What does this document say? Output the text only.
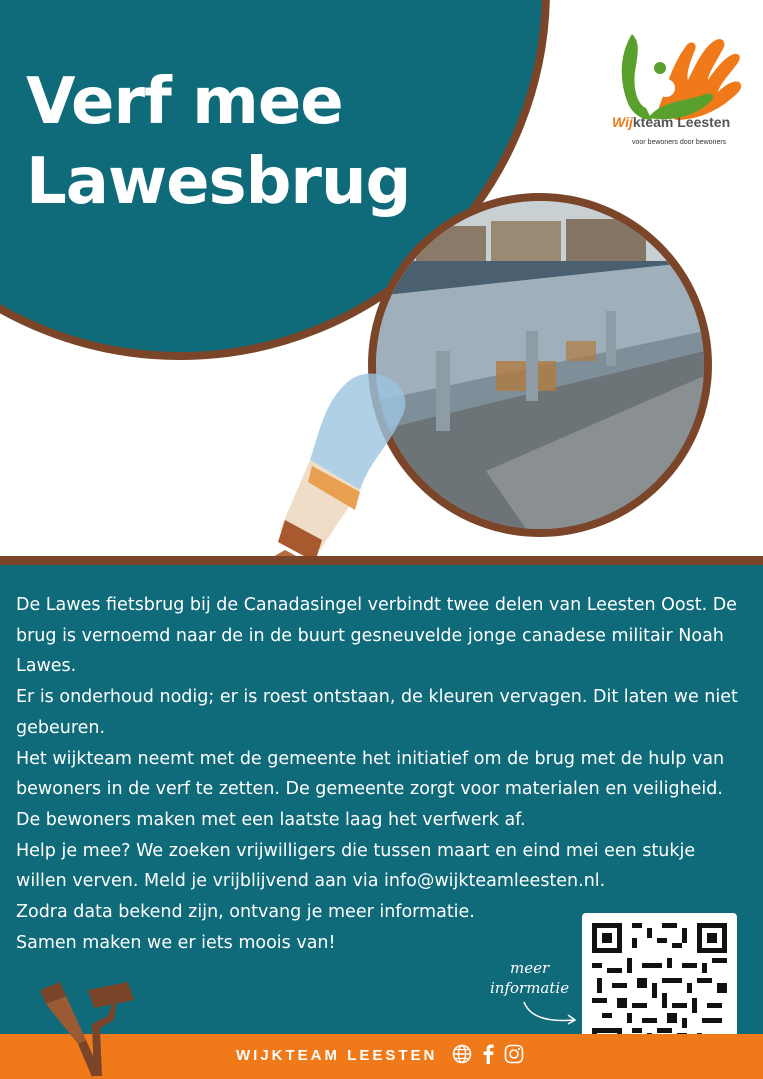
Verf mee
Lawesbrug
Wijkteam Leesten
voor bewoners door bewoners

De Lawes fietsbrug bij de Canadasingel verbindt twee delen van Leesten Oost. De brug is vernoemd naar de in de buurt gesneuvelde jonge canadese militair Noah Lawes.

Er is onderhoud nodig; er is roest ontstaan, de kleuren vervagen. Dit laten we niet gebeuren.

Het wijkteam neemt met de gemeente het initiatief om de brug met de hulp van bewoners in de verf te zetten. De gemeente zorgt voor materialen en veiligheid. De bewoners maken met een laatste laag het verfwerk af.

Help je mee? We zoeken vrijwilligers die tussen maart en eind mei een stukje willen verven. Meld je vrijblijvend aan via info@wijkteamleesten.nl.

Zodra data bekend zijn, ontvang je meer informatie.

Samen maken we er iets moois van!

meer
informatie
WIJKTEAM LEESTEN
